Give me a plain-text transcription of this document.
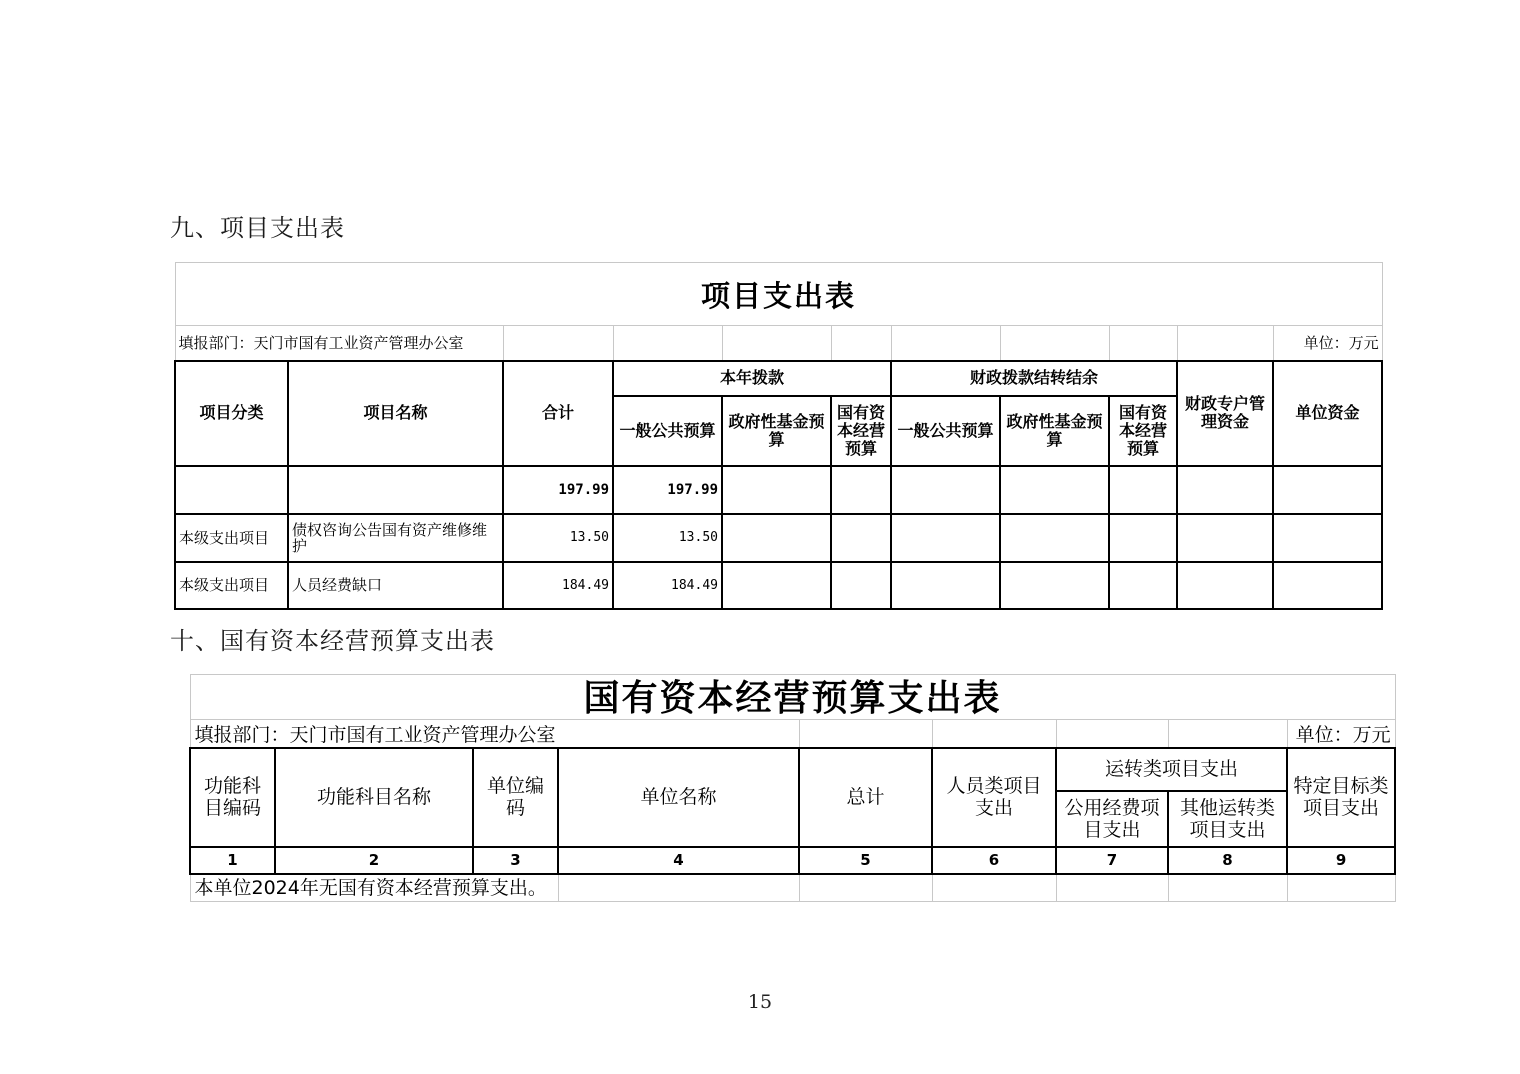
九、项目支出表
项目支出表										
填报部门：天门市国有工业资产管理办公室										单位：万元
项目分类	项目名称	合计	本年拨款			财政拨款结转结余			财政专户管理资金	单位资金
			一般公共预算	政府性基金预算	国有资本经营预算	一般公共预算	政府性基金预算	国有资本经营预算		
		197.99	197.99							
本级支出项目	债权咨询公告国有资产维修维护	13.50	13.50							
本级支出项目	人员经费缺口	184.49	184.49							
十、国有资本经营预算支出表
国有资本经营预算支出表								
填报部门：天门市国有工业资产管理办公室								单位：万元
功能科目编码	功能科目名称	单位编码	单位名称	总计	人员类项目支出	运转类项目支出		特定目标类项目支出
						公用经费项目支出	其他运转类项目支出	
1	2	3	4	5	6	7	8	9
本单位2024年无国有资本经营预算支出。								
15
